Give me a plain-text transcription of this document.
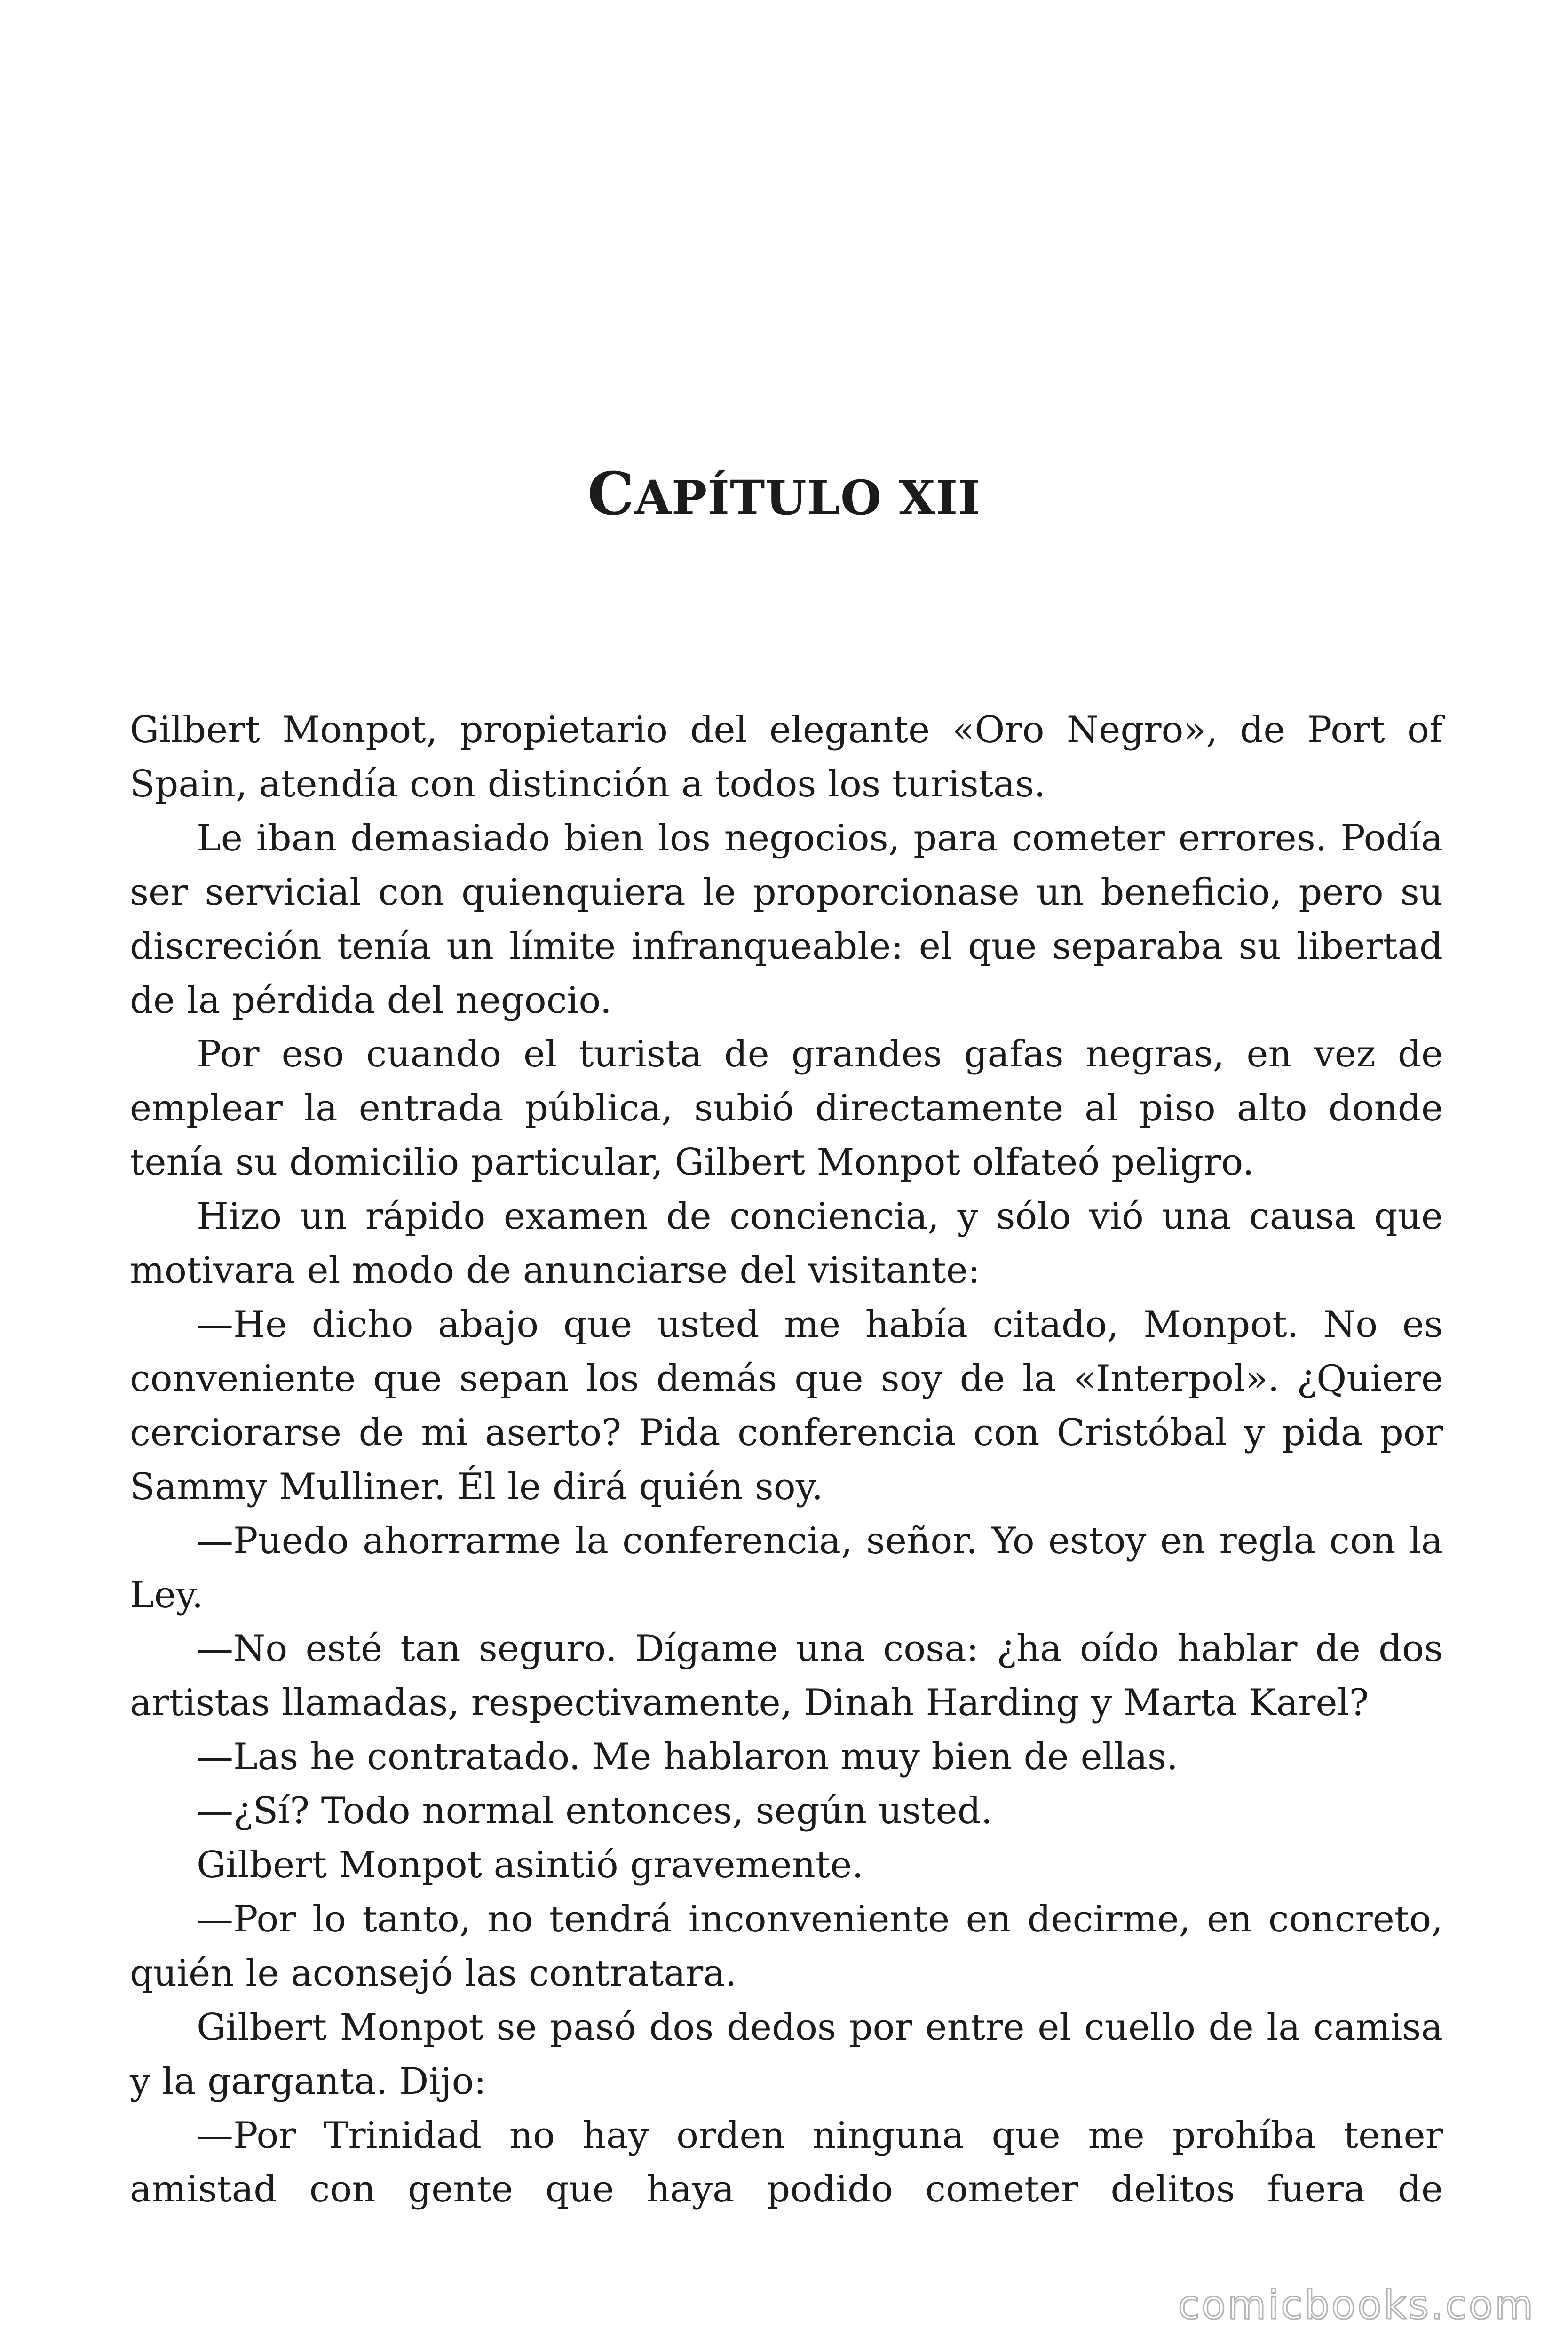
CAPÍTULO XII

Gilbert Monpot, propietario del elegante «Oro Negro», de Port of Spain, atendía con distinción a todos los turistas.

Le iban demasiado bien los negocios, para cometer errores. Podía ser servicial con quienquiera le proporcionase un beneficio, pero su discreción tenía un límite infranqueable: el que separaba su libertad de la pérdida del negocio.

Por eso cuando el turista de grandes gafas negras, en vez de emplear la entrada pública, subió directamente al piso alto donde tenía su domicilio particular, Gilbert Monpot olfateó peligro.

Hizo un rápido examen de conciencia, y sólo vió una causa que motivara el modo de anunciarse del visitante:

—He dicho abajo que usted me había citado, Monpot. No es conveniente que sepan los demás que soy de la «Interpol». ¿Quiere cerciorarse de mi aserto? Pida conferencia con Cristóbal y pida por Sammy Mulliner. Él le dirá quién soy.

—Puedo ahorrarme la conferencia, señor. Yo estoy en regla con la Ley.

—No esté tan seguro. Dígame una cosa: ¿ha oído hablar de dos artistas llamadas, respectivamente, Dinah Harding y Marta Karel?

—Las he contratado. Me hablaron muy bien de ellas.

—¿Sí? Todo normal entonces, según usted.

Gilbert Monpot asintió gravemente.

—Por lo tanto, no tendrá inconveniente en decirme, en concreto, quién le aconsejó las contratara.

Gilbert Monpot se pasó dos dedos por entre el cuello de la camisa y la garganta. Dijo:

—Por Trinidad no hay orden ninguna que me prohíba tener amistad con gente que haya podido cometer delitos fuera de

comicbooks.com
